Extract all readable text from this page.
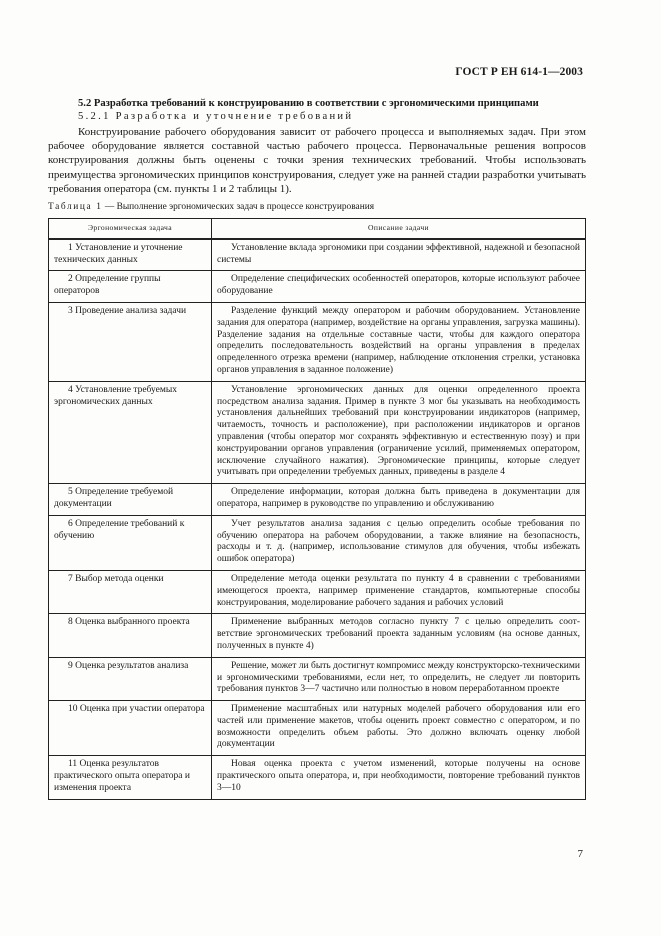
ГОСТ Р ЕН 614-1—2003
5.2 Разработка требований к конструированию в соответствии с эргономическими принципами
5.2.1 Разработка и уточнение требований

Конструирование рабочего оборудования зависит от рабочего процесса и выполняемых задач. При этом рабочее оборудование является составной частью рабочего процесса. Первоначальные решения вопросов конструирования должны быть оценены с точки зрения технических требований. Чтобы использовать преимущества эргономических принципов конструирования, следует уже на ранней стадии разработки учитывать требования оператора (см. пункты 1 и 2 таблицы 1).

Таблица 1 — Выполнение эргономических задач в процессе конструирования
Эргономическая задача	Описание задачи
1 Установление и уточнение технических данных	Установление вклада эргономики при создании эффективной, надежной и безопасной системы
2 Определение группы операторов	Определение специфических особенностей операторов, которые используют рабочее оборудование
3 Проведение анализа задачи	Разделение функций между оператором и рабочим оборудованием. Установление задания для оператора (например, воздействие на органы управления, загрузка машины). Разделение задания на отдельные составные части, чтобы для каждого оператора определить последовательность воздействий на органы управления в пределах определенного отрезка времени (например, наблюдение отклонения стрелки, установка органов управления в заданное положение)
4 Установление требуемых эргономических данных	Установление эргономических данных для оценки определенного проекта посредством анализа задания. Пример в пункте 3 мог бы указывать на необходимость установления дальнейших требований при конструировании индикаторов (например, читаемость, точность и расположение), при расположении индикаторов и органов управления (чтобы оператор мог сохранять эффективную и естественную позу) и при конструировании органов управления (ограничение усилий, применяемых оператором, исключение случайного нажатия). Эргономические принципы, которые следует учитывать при определении требуемых данных, приведены в разделе 4
5 Определение требуемой документации	Определение информации, которая должна быть приведена в документации для оператора, например в руководстве по управлению и обслуживанию
6 Определение требований к обучению	Учет результатов анализа задания с целью определить особые требования по обучению оператора на рабочем оборудовании, а также влияние на безопасность, расходы и т. д. (например, использование стимулов для обучения, чтобы избежать ошибок оператора)
7 Выбор метода оценки	Определение метода оценки результата по пункту 4 в сравнении с требованиями имеющегося проекта, например применение стандартов, компьютерные способы конструирования, моделирование рабочего задания и рабочих условий
8 Оценка выбранного проекта	Применение выбранных методов согласно пункту 7 с целью определить соот- ветствие эргономических требований проекта заданным условиям (на основе данных, полученных в пункте 4)
9 Оценка результатов анализа	Решение, может ли быть достигнут компромисс между конструкторско-техническими и эргономическими требованиями, если нет, то определить, не следует ли повторить требования пунктов 3—7 частично или полностью в новом переработанном проекте
10 Оценка при участии оператора	Применение масштабных или натурных моделей рабочего оборудования или его частей или применение макетов, чтобы оценить проект совместно с оператором, и по возможности определить объем работы. Это должно включать оценку любой документации
11 Оценка результатов практического опыта оператора и изменения проекта	Новая оценка проекта с учетом изменений, которые получены на основе практического опыта оператора, и, при необходимости, повторение требований пунктов 3—10
7
